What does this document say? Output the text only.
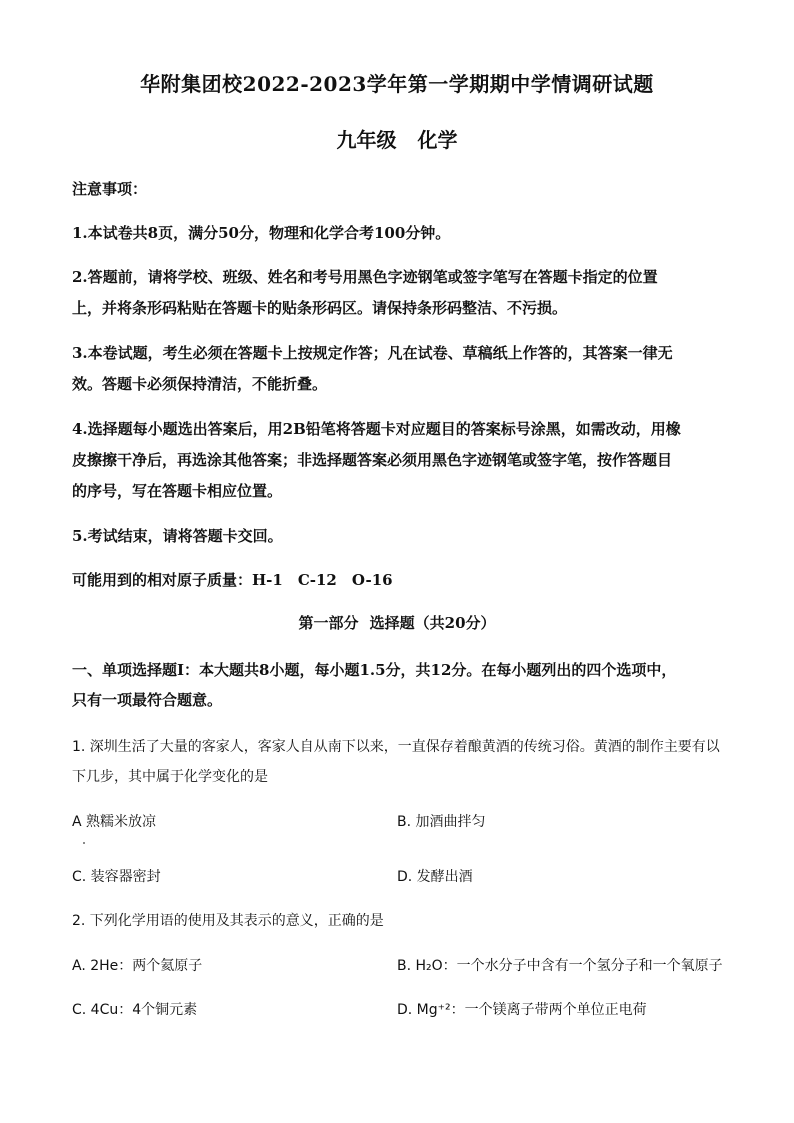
华附集团校2022-2023学年第一学期期中学情调研试题
九年级 化学
注意事项：
1.本试卷共8页，满分50分，物理和化学合考100分钟。
2.答题前，请将学校、班级、姓名和考号用黑色字迹钢笔或签字笔写在答题卡指定的位置
上，并将条形码粘贴在答题卡的贴条形码区。请保持条形码整洁、不污损。
3.本卷试题，考生必须在答题卡上按规定作答；凡在试卷、草稿纸上作答的，其答案一律无
效。答题卡必须保持清洁，不能折叠。
4.选择题每小题选出答案后，用2B铅笔将答题卡对应题目的答案标号涂黑，如需改动，用橡
皮擦擦干净后，再选涂其他答案；非选择题答案必须用黑色字迹钢笔或签字笔，按作答题目
的序号，写在答题卡相应位置。
5.考试结束，请将答题卡交回。
可能用到的相对原子质量：H-1　C-12　O-16
第一部分 选择题（共20分）
一、单项选择题Ⅰ：本大题共8小题，每小题1.5分，共12分。在每小题列出的四个选项中，
只有一项最符合题意。
1. 深圳生活了大量的客家人，客家人自从南下以来，一直保存着酿黄酒的传统习俗。黄酒的制作主要有以
下几步，其中属于化学变化的是
A 熟糯米放凉	B. 加酒曲拌匀
C. 装容器密封	D. 发酵出酒
2. 下列化学用语的使用及其表示的意义，正确的是
A. 2He：两个氦原子	B. H₂O：一个水分子中含有一个氢分子和一个氧原子
C. 4Cu：4个铜元素	D. Mg⁺²：一个镁离子带两个单位正电荷
